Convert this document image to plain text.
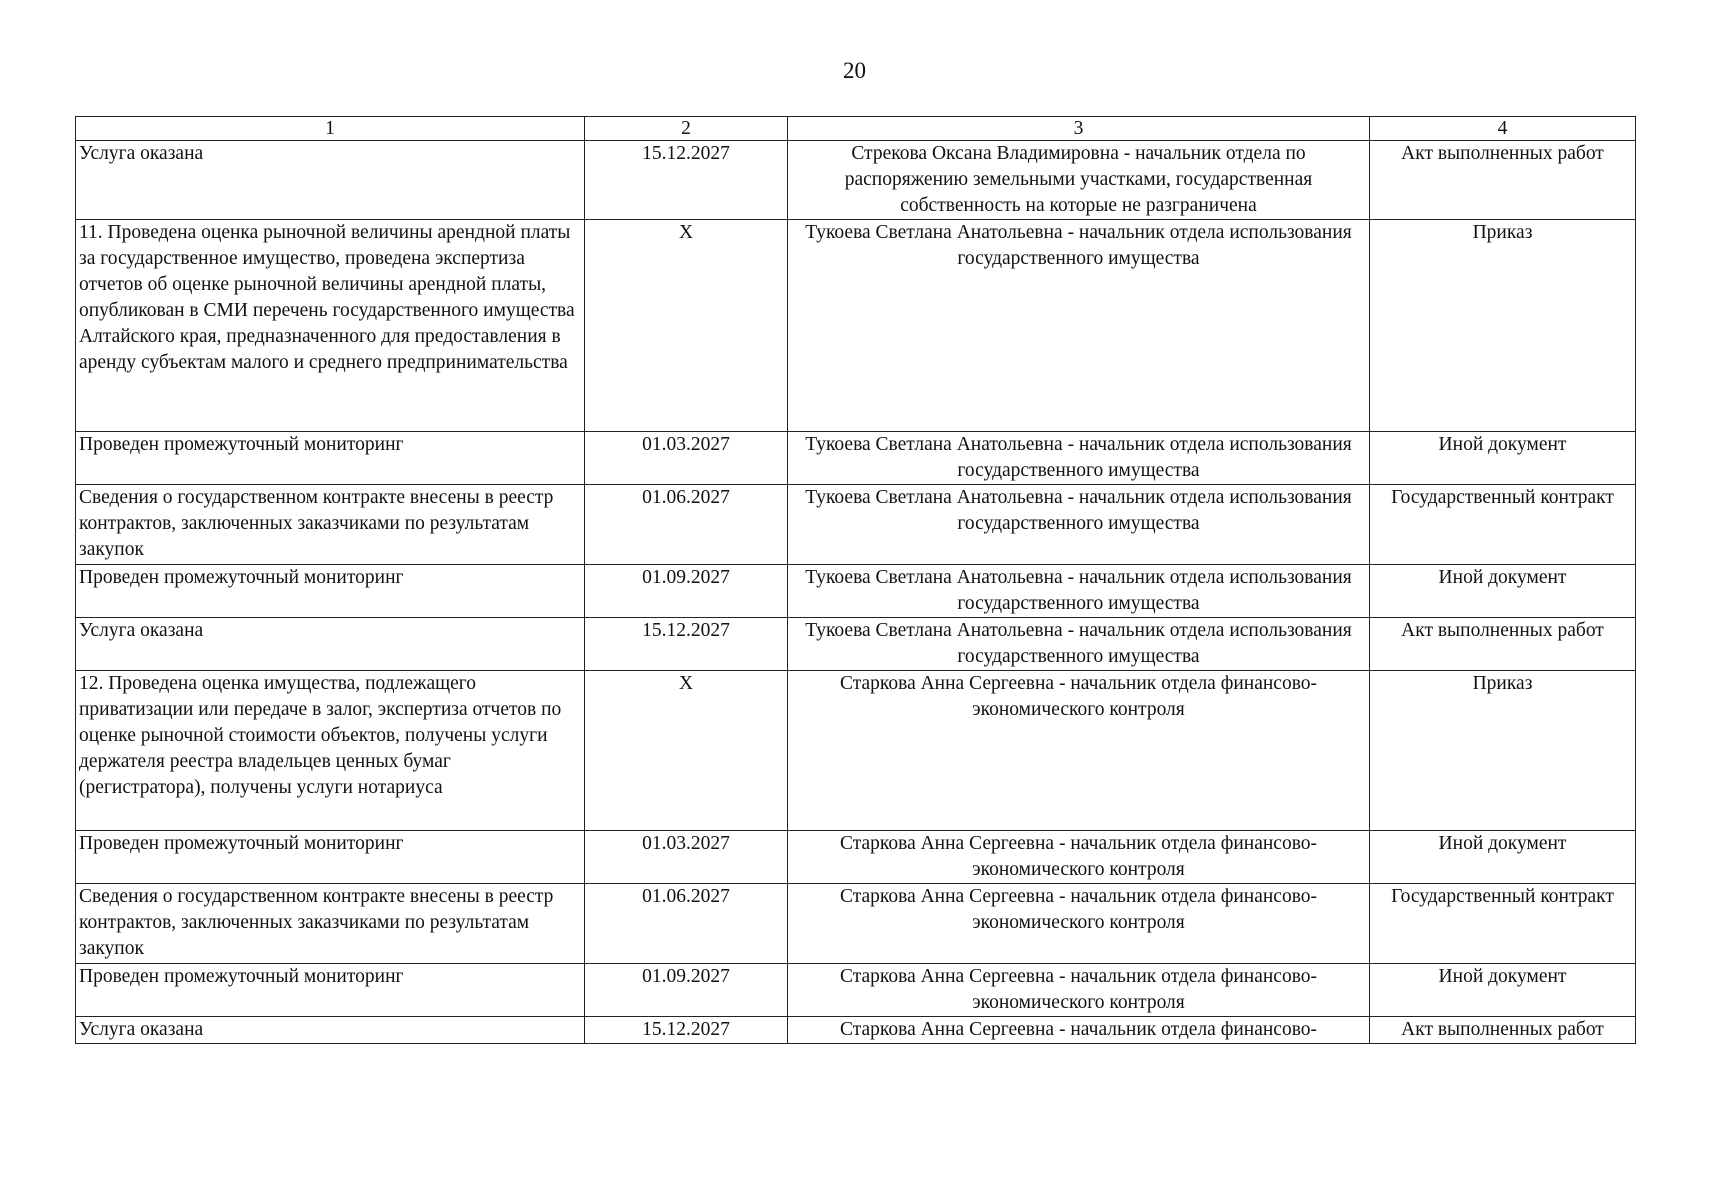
20
1	2	3	4
Услуга оказана	15.12.2027	Стрекова Оксана Владимировна - начальник отдела по распоряжению земельными участками, государственная собственность на которые не разграничена	Акт выполненных работ
11. Проведена оценка рыночной величины арендной платы за государственное имущество, проведена экспертиза отчетов об оценке рыночной величины арендной платы, опубликован в СМИ перечень государственного имущества Алтайского края, предназначенного для предоставления в аренду субъектам малого и среднего предпринимательства	Х	Тукоева Светлана Анатольевна - начальник отдела использования государственного имущества	Приказ
Проведен промежуточный мониторинг	01.03.2027	Тукоева Светлана Анатольевна - начальник отдела использования государственного имущества	Иной документ
Сведения о государственном контракте внесены в реестр контрактов, заключенных заказчиками по результатам закупок	01.06.2027	Тукоева Светлана Анатольевна - начальник отдела использования государственного имущества	Государственный контракт
Проведен промежуточный мониторинг	01.09.2027	Тукоева Светлана Анатольевна - начальник отдела использования государственного имущества	Иной документ
Услуга оказана	15.12.2027	Тукоева Светлана Анатольевна - начальник отдела использования государственного имущества	Акт выполненных работ
12. Проведена оценка имущества, подлежащего приватизации или передаче в залог, экспертиза отчетов по оценке рыночной стоимости объектов, получены услуги держателя реестра владельцев ценных бумаг (регистратора), получены услуги нотариуса	Х	Старкова Анна Сергеевна - начальник отдела финансово-экономического контроля	Приказ
Проведен промежуточный мониторинг	01.03.2027	Старкова Анна Сергеевна - начальник отдела финансово-экономического контроля	Иной документ
Сведения о государственном контракте внесены в реестр контрактов, заключенных заказчиками по результатам закупок	01.06.2027	Старкова Анна Сергеевна - начальник отдела финансово-экономического контроля	Государственный контракт
Проведен промежуточный мониторинг	01.09.2027	Старкова Анна Сергеевна - начальник отдела финансово-экономического контроля	Иной документ
Услуга оказана	15.12.2027	Старкова Анна Сергеевна - начальник отдела финансово-	Акт выполненных работ
